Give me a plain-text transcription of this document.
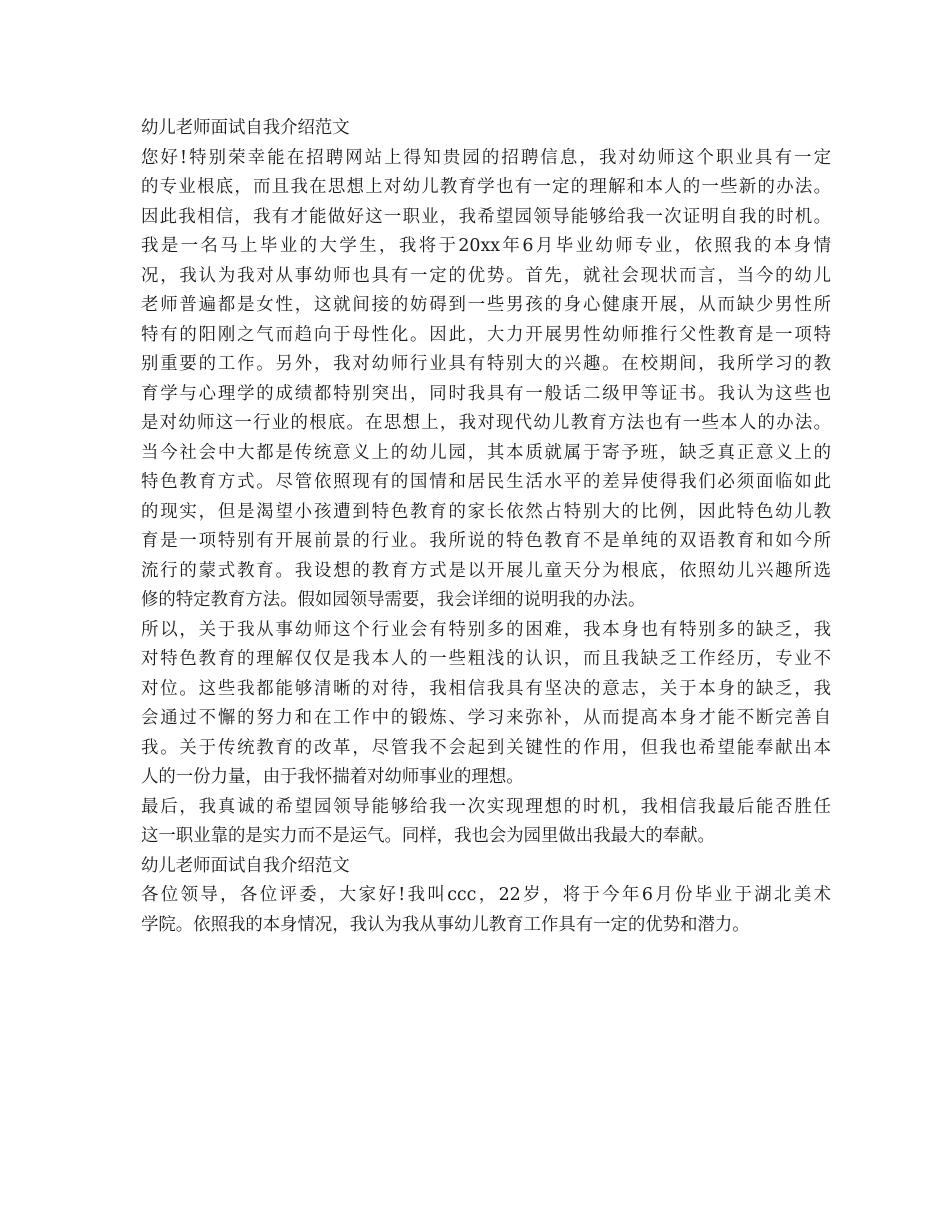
幼儿老师面试自我介绍范文
您好!特别荣幸能在招聘网站上得知贵园的招聘信息，我对幼师这个职业具有一定
的专业根底，而且我在思想上对幼儿教育学也有一定的理解和本人的一些新的办法。
因此我相信，我有才能做好这一职业，我希望园领导能够给我一次证明自我的时机。
我是一名马上毕业的大学生，我将于20xx年6月毕业幼师专业，依照我的本身情
况，我认为我对从事幼师也具有一定的优势。首先，就社会现状而言，当今的幼儿
老师普遍都是女性，这就间接的妨碍到一些男孩的身心健康开展，从而缺少男性所
特有的阳刚之气而趋向于母性化。因此，大力开展男性幼师推行父性教育是一项特
别重要的工作。另外，我对幼师行业具有特别大的兴趣。在校期间，我所学习的教
育学与心理学的成绩都特别突出，同时我具有一般话二级甲等证书。我认为这些也
是对幼师这一行业的根底。在思想上，我对现代幼儿教育方法也有一些本人的办法。
当今社会中大都是传统意义上的幼儿园，其本质就属于寄予班，缺乏真正意义上的
特色教育方式。尽管依照现有的国情和居民生活水平的差异使得我们必须面临如此
的现实，但是渴望小孩遭到特色教育的家长依然占特别大的比例，因此特色幼儿教
育是一项特别有开展前景的行业。我所说的特色教育不是单纯的双语教育和如今所
流行的蒙式教育。我设想的教育方式是以开展儿童天分为根底，依照幼儿兴趣所选
修的特定教育方法。假如园领导需要，我会详细的说明我的办法。
所以，关于我从事幼师这个行业会有特别多的困难，我本身也有特别多的缺乏，我
对特色教育的理解仅仅是我本人的一些粗浅的认识，而且我缺乏工作经历，专业不
对位。这些我都能够清晰的对待，我相信我具有坚决的意志，关于本身的缺乏，我
会通过不懈的努力和在工作中的锻炼、学习来弥补，从而提高本身才能不断完善自
我。关于传统教育的改革，尽管我不会起到关键性的作用，但我也希望能奉献出本
人的一份力量，由于我怀揣着对幼师事业的理想。
最后，我真诚的希望园领导能够给我一次实现理想的时机，我相信我最后能否胜任
这一职业靠的是实力而不是运气。同样，我也会为园里做出我最大的奉献。
幼儿老师面试自我介绍范文
各位领导，各位评委，大家好!我叫ccc，22岁，将于今年6月份毕业于湖北美术
学院。依照我的本身情况，我认为我从事幼儿教育工作具有一定的优势和潜力。
